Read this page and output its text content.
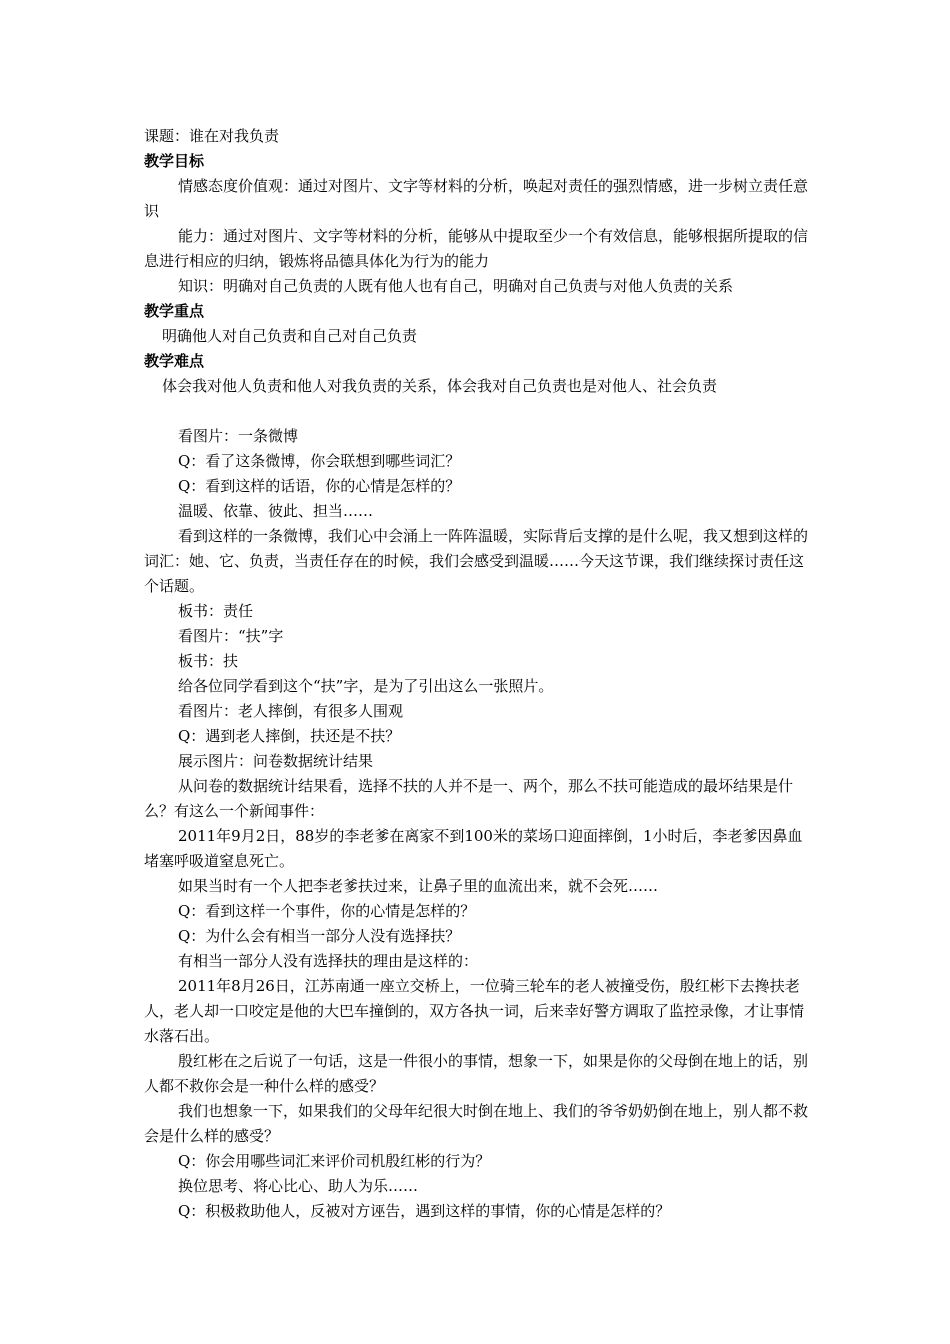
课题：谁在对我负责

教学目标

情感态度价值观：通过对图片、文字等材料的分析，唤起对责任的强烈情感，进一步树立责任意识

能力：通过对图片、文字等材料的分析，能够从中提取至少一个有效信息，能够根据所提取的信息进行相应的归纳，锻炼将品德具体化为行为的能力

知识：明确对自己负责的人既有他人也有自己，明确对自己负责与对他人负责的关系

教学重点

明确他人对自己负责和自己对自己负责

教学难点

体会我对他人负责和他人对我负责的关系，体会我对自己负责也是对他人、社会负责

看图片：一条微博

Q：看了这条微博，你会联想到哪些词汇？

Q：看到这样的话语，你的心情是怎样的？

温暖、依靠、彼此、担当……

看到这样的一条微博，我们心中会涌上一阵阵温暖，实际背后支撑的是什么呢，我又想到这样的词汇：她、它、负责，当责任存在的时候，我们会感受到温暖……今天这节课，我们继续探讨责任这个话题。

板书：责任

看图片：“扶”字

板书：扶

给各位同学看到这个“扶”字，是为了引出这么一张照片。

看图片：老人摔倒，有很多人围观

Q：遇到老人摔倒，扶还是不扶？

展示图片：问卷数据统计结果

从问卷的数据统计结果看，选择不扶的人并不是一、两个，那么不扶可能造成的最坏结果是什么？有这么一个新闻事件：

2011年9月2日，88岁的李老爹在离家不到100米的菜场口迎面摔倒，1小时后，李老爹因鼻血堵塞呼吸道窒息死亡。

如果当时有一个人把李老爹扶过来，让鼻子里的血流出来，就不会死……

Q：看到这样一个事件，你的心情是怎样的？

Q：为什么会有相当一部分人没有选择扶？

有相当一部分人没有选择扶的理由是这样的：

2011年8月26日，江苏南通一座立交桥上，一位骑三轮车的老人被撞受伤，殷红彬下去搀扶老人，老人却一口咬定是他的大巴车撞倒的，双方各执一词，后来幸好警方调取了监控录像，才让事情水落石出。

殷红彬在之后说了一句话，这是一件很小的事情，想象一下，如果是你的父母倒在地上的话，别人都不救你会是一种什么样的感受？

我们也想象一下，如果我们的父母年纪很大时倒在地上、我们的爷爷奶奶倒在地上，别人都不救会是什么样的感受？

Q：你会用哪些词汇来评价司机殷红彬的行为？

换位思考、将心比心、助人为乐……

Q：积极救助他人，反被对方诬告，遇到这样的事情，你的心情是怎样的？
